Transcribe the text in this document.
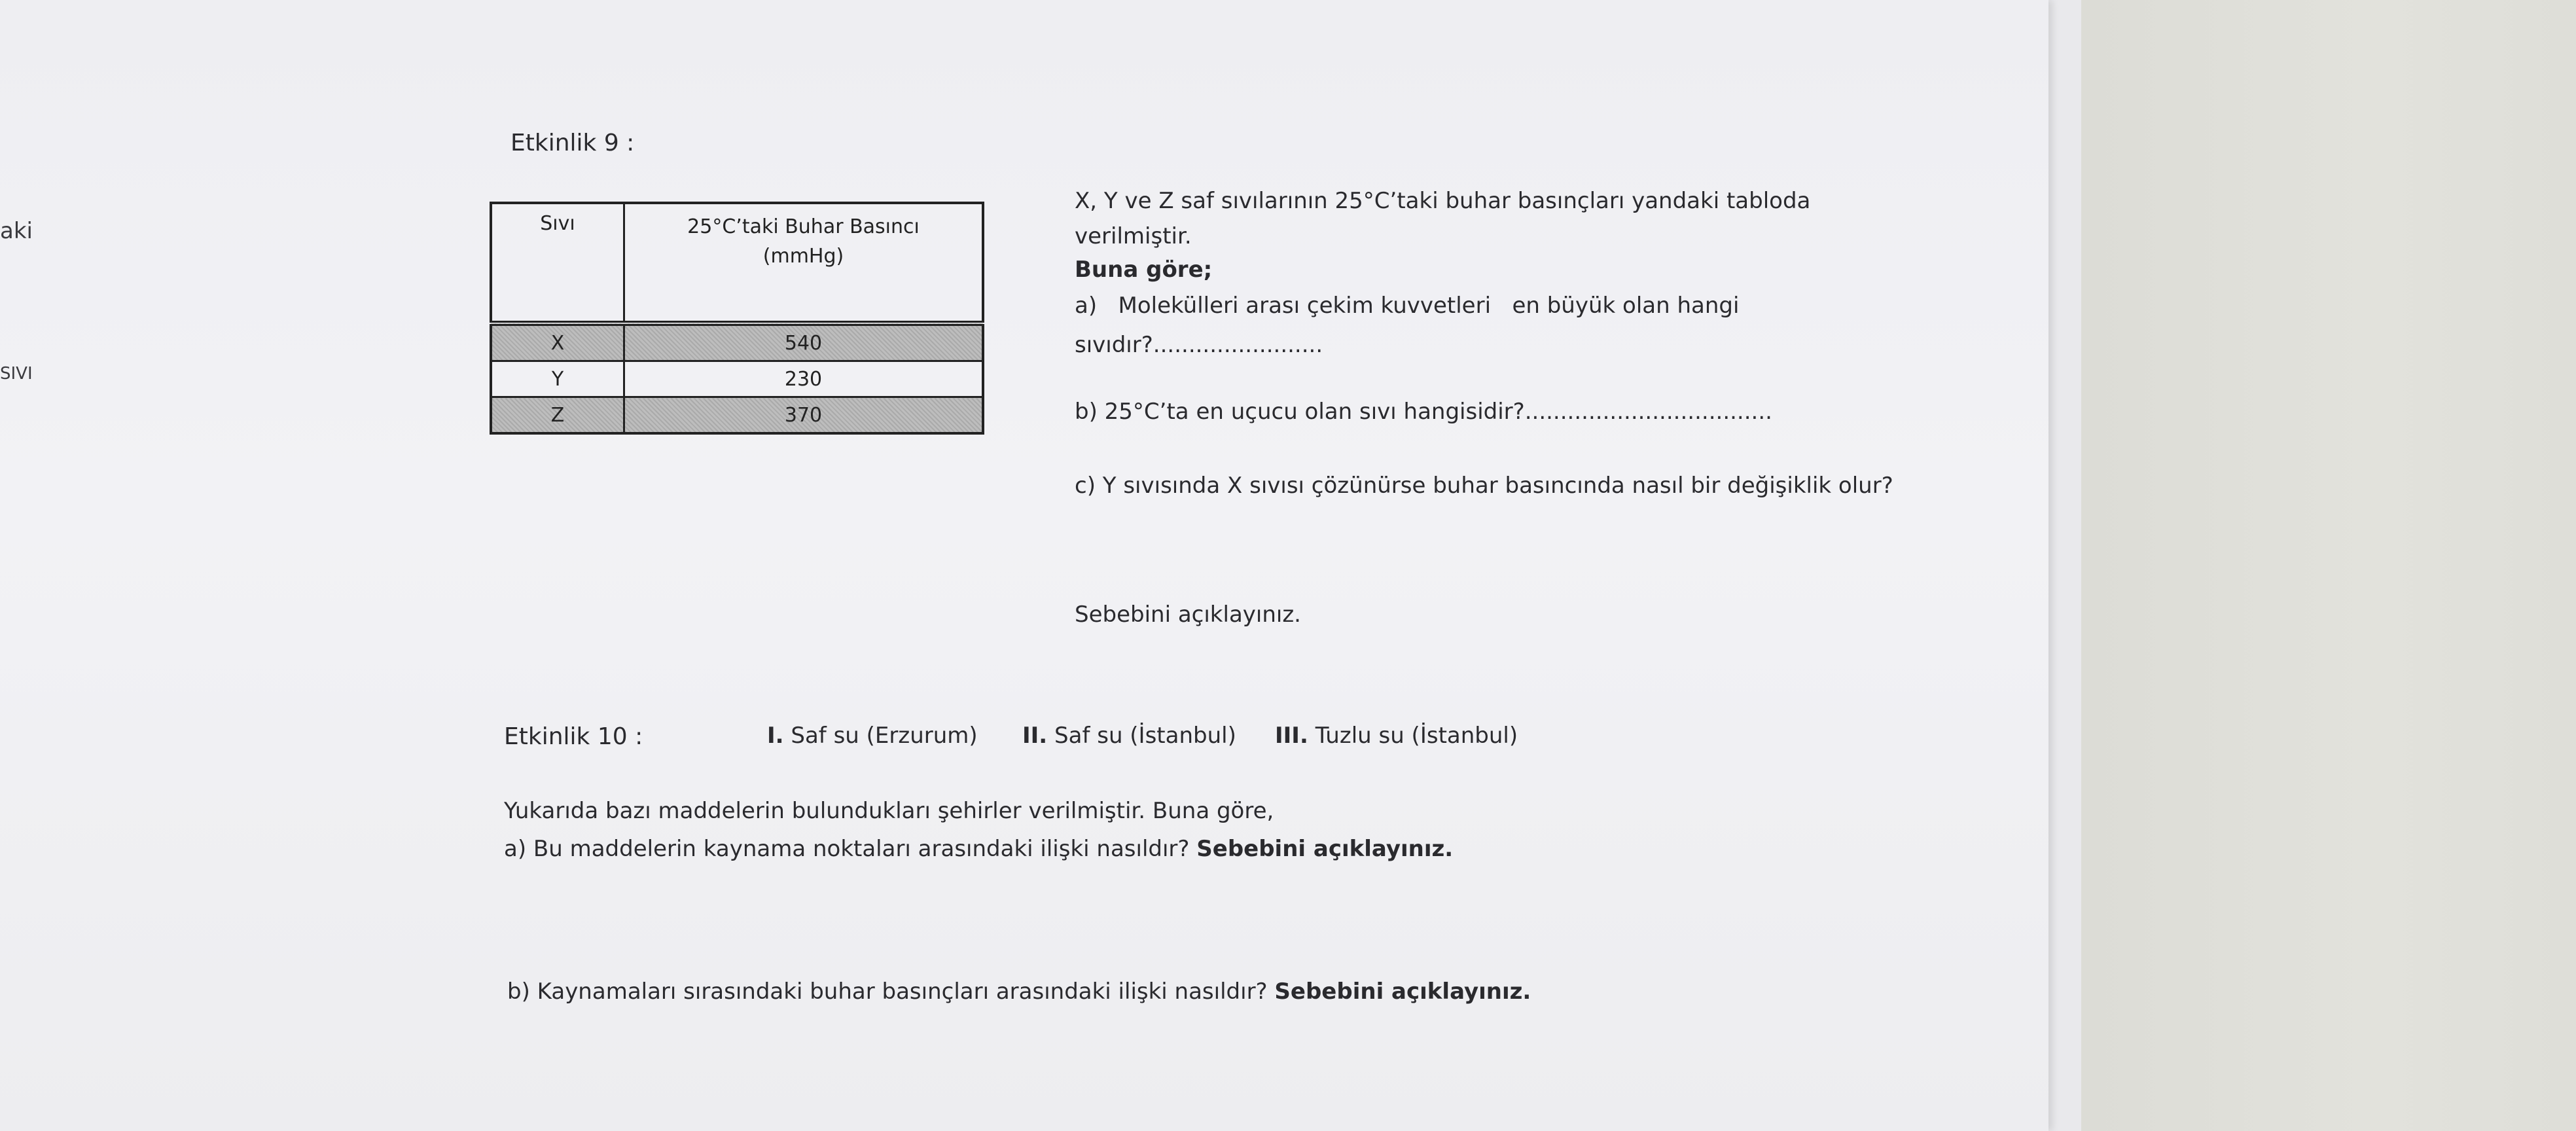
aki
SIVI
Etkinlik 9 :
Sıvı	25°C’taki Buhar Basıncı
(mmHg)

X	540
Y	230
Z	370
X, Y ve Z saf sıvılarının 25°C’taki buhar basınçları yandaki tabloda
verilmiştir.
Buna göre;
a)   Molekülleri arası çekim kuvvetleri   en büyük olan hangi
sıvıdır?........................
b) 25°C’ta en uçucu olan sıvı hangisidir?...................................
c) Y sıvısında X sıvısı çözünürse buhar basıncında nasıl bir değişiklik olur?
Sebebini açıklayınız.
Etkinlik 10 :	I. Saf su (Erzurum) II. Saf su (İstanbul) III. Tuzlu su (İstanbul)
Yukarıda bazı maddelerin bulundukları şehirler verilmiştir. Buna göre,
a) Bu maddelerin kaynama noktaları arasındaki ilişki nasıldır? Sebebini açıklayınız.
b) Kaynamaları sırasındaki buhar basınçları arasındaki ilişki nasıldır? Sebebini açıklayınız.
